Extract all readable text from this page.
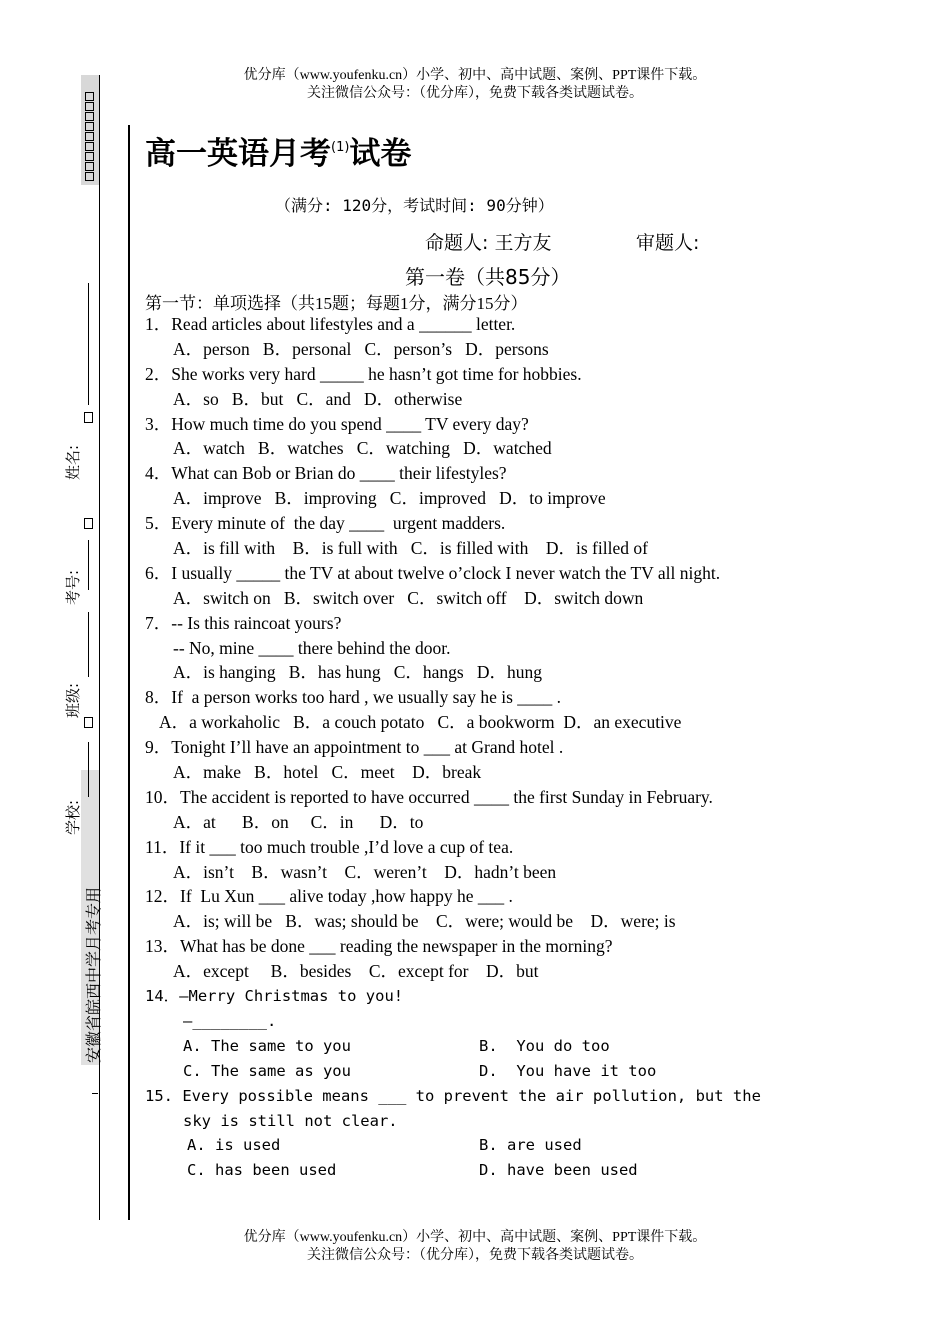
优分库（www.youfenku.cn）小学、初中、高中试题、案例、PPT课件下载。
关注微信公众号：（优分库），免费下载各类试题试卷。
姓名:
考号:
班级:
学校:
安徽省皖西中学月考专用
高一英语月考$^{(1)}$试卷
（满分: 120分，考试时间: 90分钟）
命题人: 王方友	审题人:
第一卷（共85分）
第一节：单项选择（共15题；每题1分，满分15分）
1．Read articles about lifestyles and a ______ letter.
A．person   B．personal   C．person’s   D．persons
2．She works very hard _____ he hasn’t got time for hobbies.
A．so   B．but   C．and   D．otherwise
3．How much time do you spend ____ TV every day?
A．watch   B．watches   C．watching   D．watched
4．What can Bob or Brian do ____ their lifestyles?
A．improve   B．improving   C．improved   D．to improve
5．Every minute of  the day ____  urgent madders.
A．is fill with    B．is full with   C．is filled with    D．is filled of
6．I usually _____ the TV at about twelve o’clock I never watch the TV all night.
A．switch on   B．switch over   C．switch off    D．switch down
7．-- Is this raincoat yours?
-- No, mine ____ there behind the door.
A．is hanging   B．has hung   C．hangs   D．hung
8．If  a person works too hard , we usually say he is ____ .
A．a workaholic   B．a couch potato   C．a bookworm  D．an executive
9．Tonight I’ll have an appointment to ___ at Grand hotel .
A．make   B．hotel   C．meet    D．break
10．The accident is reported to have occurred ____ the first Sunday in February.
A．at      B．on     C．in      D．to
11．If it ___ too much trouble ,I’d love a cup of tea.
A．isn’t    B．wasn’t    C．weren’t    D．hadn’t been
12．If  Lu Xun ___ alive today ,how happy he ___ .
A．is; will be   B．was; should be    C．were; would be    D．were; is
13．What has be done ___ reading the newspaper in the morning?
A．except     B．besides    C．except for    D．but
14．—Merry Christmas to you!
—________.
A. The same to you	B.  You do too
C. The same as you	D.  You have it too
15. Every possible means ___ to prevent the air pollution, but the
sky is still not clear.
A. is used	B. are used
C. has been used	D. have been used
优分库（www.youfenku.cn）小学、初中、高中试题、案例、PPT课件下载。
关注微信公众号：（优分库），免费下载各类试题试卷。
